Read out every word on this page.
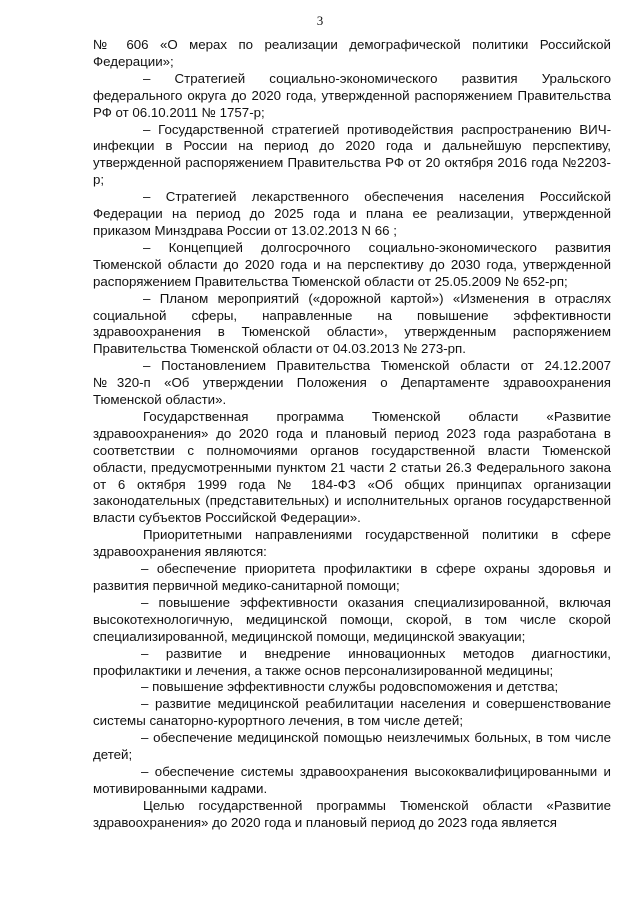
3

№ 606 «О мерах по реализации демографической политики Российской Федерации»;

– Стратегией социально-экономического развития Уральского федерального округа до 2020 года, утвержденной распоряжением Правительства РФ от 06.10.2011 № 1757-р;

– Государственной стратегией противодействия распространению ВИЧ-инфекции в России на период до 2020 года и дальнейшую перспективу, утвержденной распоряжением Правительства РФ от 20 октября 2016 года №2203-р;

– Стратегией лекарственного обеспечения населения Российской Федерации на период до 2025 года и плана ее реализации, утвержденной приказом Минздрава России от 13.02.2013 N 66 ;

– Концепцией долгосрочного социально-экономического развития Тюменской области до 2020 года и на перспективу до 2030 года, утвержденной распоряжением Правительства Тюменской области от 25.05.2009 № 652-рп;

– Планом мероприятий («дорожной картой») «Изменения в отраслях социальной сферы, направленные на повышение эффективности здравоохранения в Тюменской области», утвержденным распоряжением Правительства Тюменской области от 04.03.2013 № 273-рп.

– Постановлением Правительства Тюменской области от 24.12.2007 №320-п «Об утверждении Положения о Департаменте здравоохранения Тюменской области».

Государственная программа Тюменской области «Развитие здравоохранения» до 2020 года и плановый период 2023 года разработана в соответствии с полномочиями органов государственной власти Тюменской области, предусмотренными пунктом 21 части 2 статьи 26.3 Федерального закона от 6 октября 1999 года № 184-ФЗ «Об общих принципах организации законодательных (представительных) и исполнительных органов государственной власти субъектов Российской Федерации».

Приоритетными направлениями государственной политики в сфере здравоохранения являются:

– обеспечение приоритета профилактики в сфере охраны здоровья и развития первичной медико-санитарной помощи;

– повышение эффективности оказания специализированной, включая высокотехнологичную, медицинской помощи, скорой, в том числе скорой специализированной, медицинской помощи, медицинской эвакуации;

– развитие и внедрение инновационных методов диагностики, профилактики и лечения, а также основ персонализированной медицины;

– повышение эффективности службы родовспоможения и детства;

– развитие медицинской реабилитации населения и совершенствование системы санаторно-курортного лечения, в том числе детей;

– обеспечение медицинской помощью неизлечимых больных, в том числе детей;

– обеспечение системы здравоохранения высококвалифицированными и мотивированными кадрами.

Целью государственной программы Тюменской области «Развитие здравоохранения» до 2020 года и плановый период до 2023 года является
